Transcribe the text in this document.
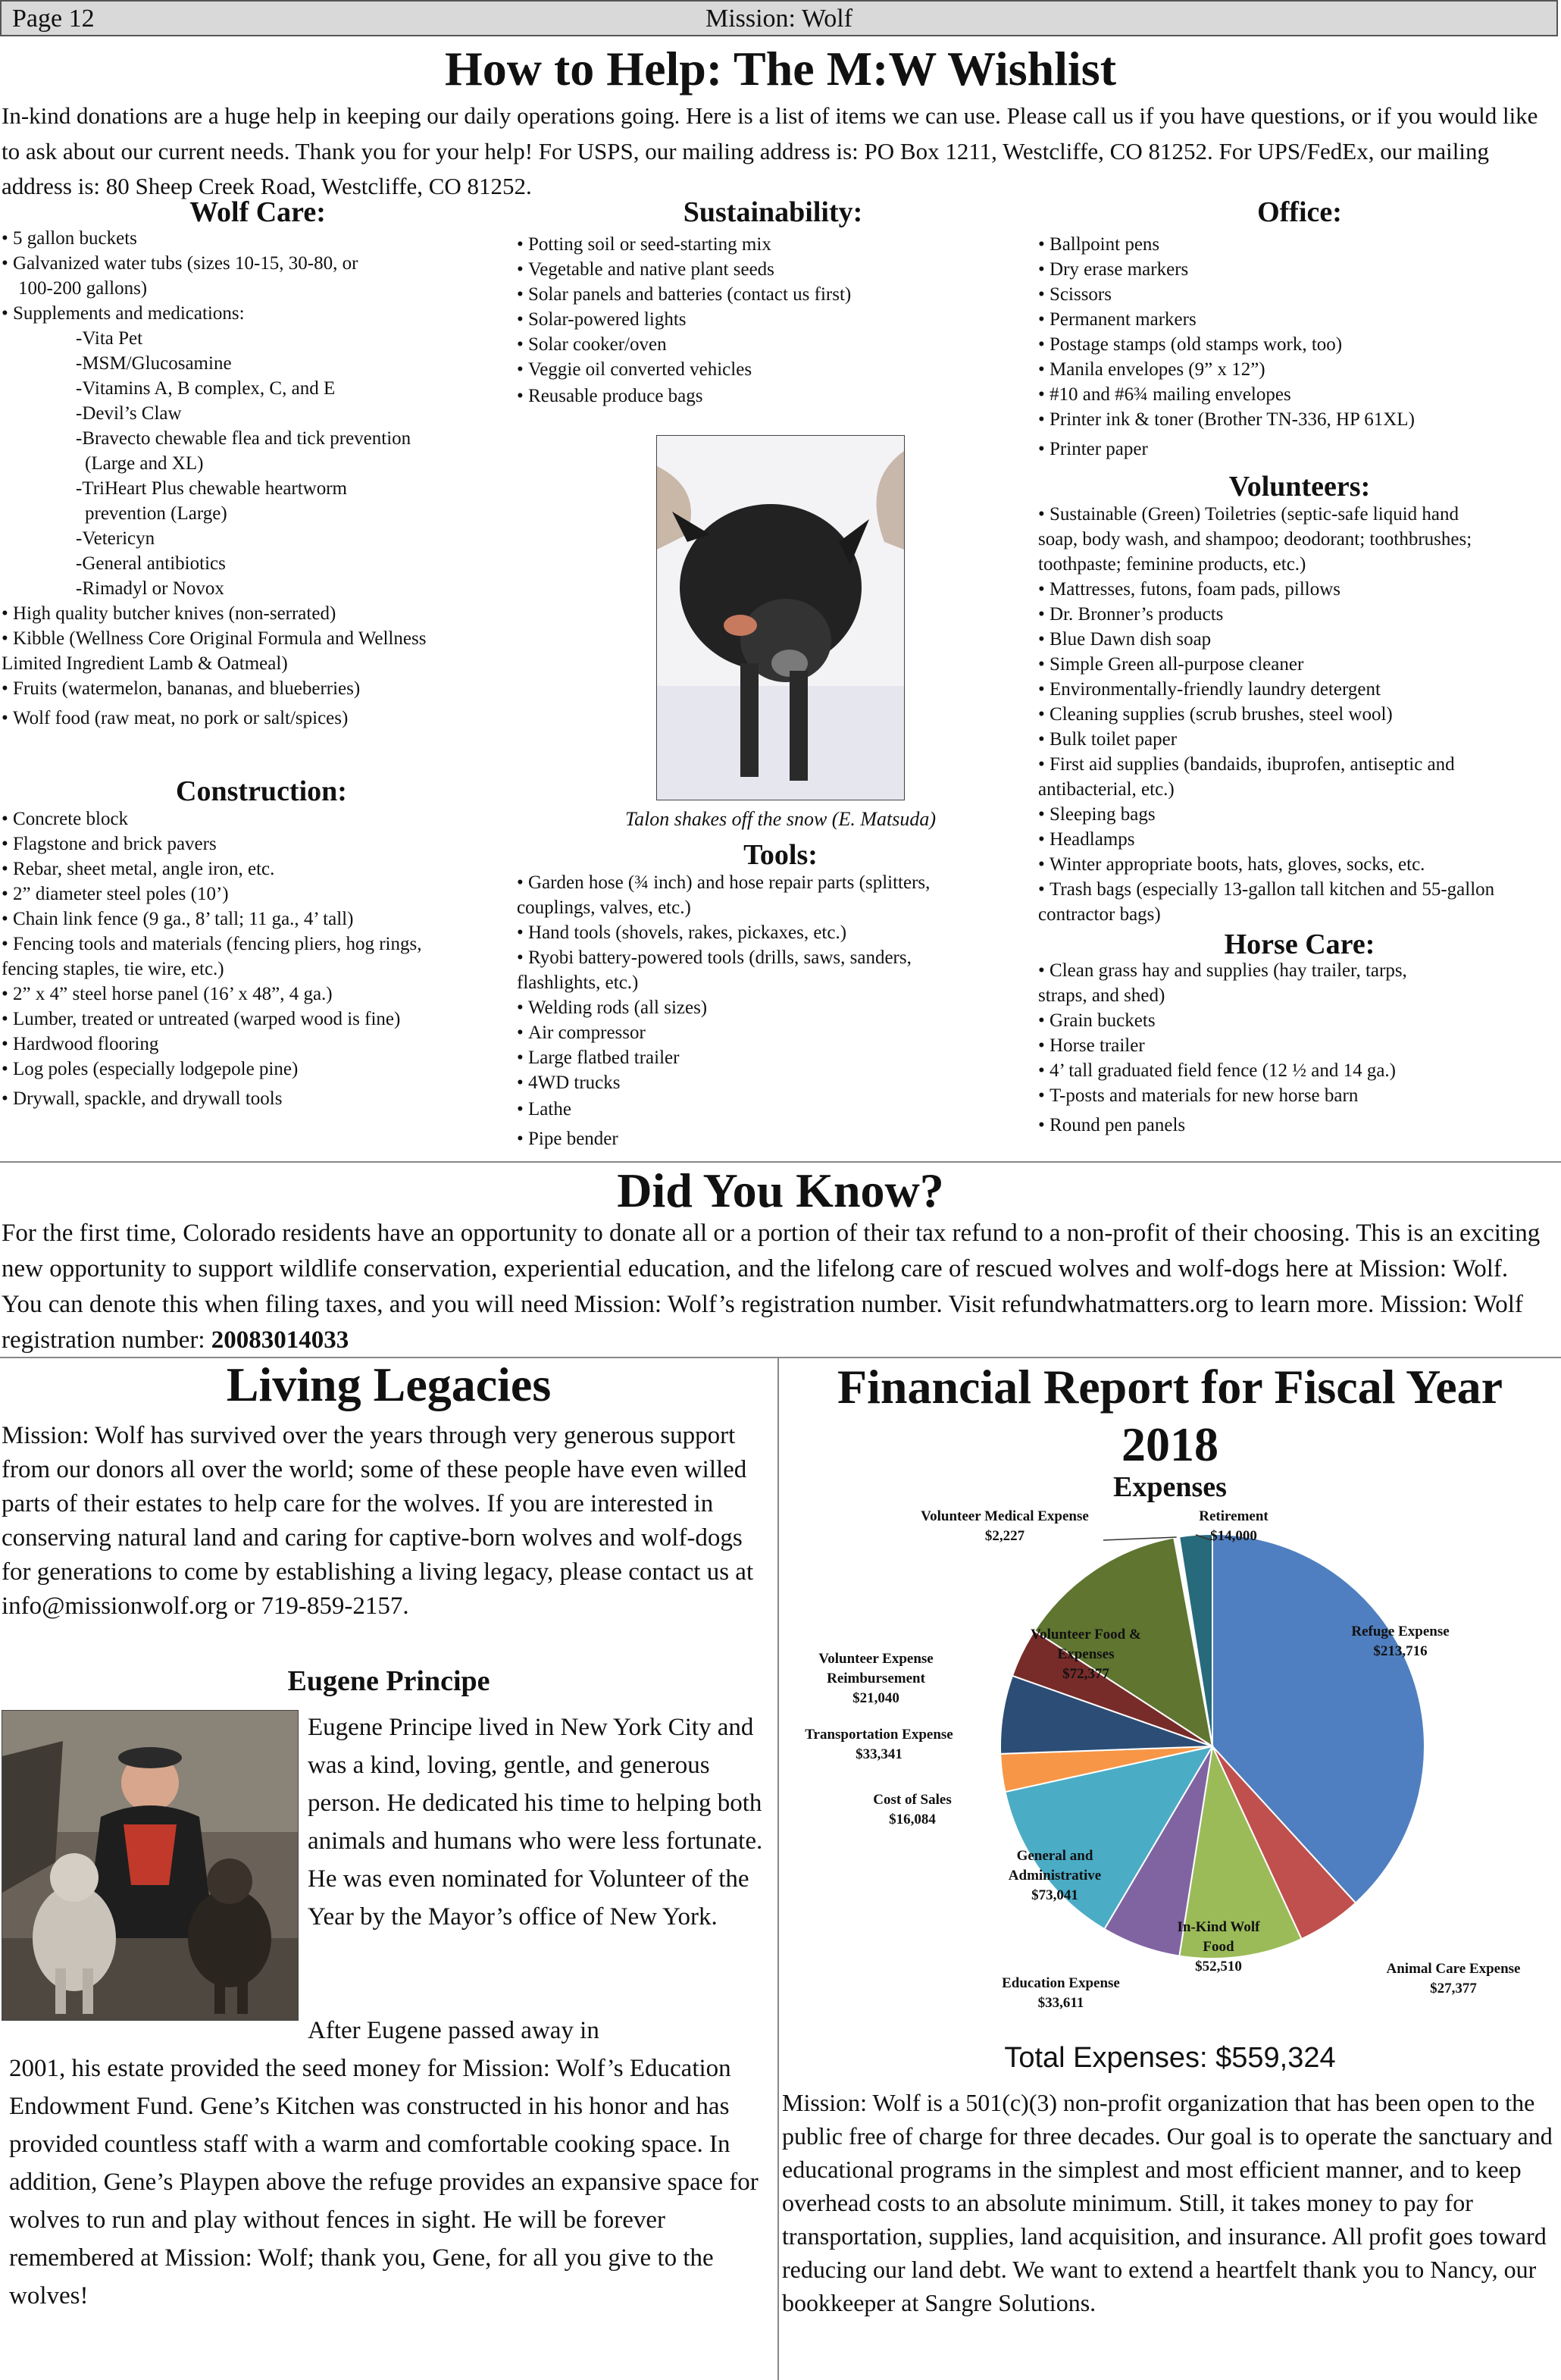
Page 12	Mission: Wolf
How to Help: The M:W Wishlist
In-kind donations are a huge help in keeping our daily operations going. Here is a list of items we can use. Please call us if you have questions, or if you would like to ask about our current needs. Thank you for your help! For USPS, our mailing address is: PO Box 1211, Westcliffe, CO 81252. For UPS/FedEx, our mailing address is: 80 Sheep Creek Road, Westcliffe, CO 81252.
Wolf Care:
• 5 gallon buckets
• Galvanized water tubs (sizes 10-15, 30-80, or
100-200 gallons)
• Supplements and medications:
-Vita Pet
-MSM/Glucosamine
-Vitamins A, B complex, C, and E
-Devil’s Claw
-Bravecto chewable flea and tick prevention
(Large and XL)
-TriHeart Plus chewable heartworm
prevention (Large)
-Vetericyn
-General antibiotics
-Rimadyl or Novox
• High quality butcher knives (non-serrated)
• Kibble (Wellness Core Original Formula and Wellness
Limited Ingredient Lamb & Oatmeal)
• Fruits (watermelon, bananas, and blueberries)
• Wolf food (raw meat, no pork or salt/spices)
Construction:
• Concrete block
• Flagstone and brick pavers
• Rebar, sheet metal, angle iron, etc.
• 2” diameter steel poles (10’)
• Chain link fence (9 ga., 8’ tall; 11 ga., 4’ tall)
• Fencing tools and materials (fencing pliers, hog rings,
fencing staples, tie wire, etc.)
• 2” x 4” steel horse panel (16’ x 48”, 4 ga.)
• Lumber, treated or untreated (warped wood is fine)
• Hardwood flooring
• Log poles (especially lodgepole pine)
• Drywall, spackle, and drywall tools
Sustainability:
• Potting soil or seed-starting mix
• Vegetable and native plant seeds
• Solar panels and batteries (contact us first)
• Solar-powered lights
• Solar cooker/oven
• Veggie oil converted vehicles
• Reusable produce bags
Talon shakes off the snow (E. Matsuda)
Tools:
• Garden hose (¾ inch) and hose repair parts (splitters,
couplings, valves, etc.)
• Hand tools (shovels, rakes, pickaxes, etc.)
• Ryobi battery-powered tools (drills, saws, sanders,
flashlights, etc.)
• Welding rods (all sizes)
• Air compressor
• Large flatbed trailer
• 4WD trucks
• Lathe
• Pipe bender
Office:
• Ballpoint pens
• Dry erase markers
• Scissors
• Permanent markers
• Postage stamps (old stamps work, too)
• Manila envelopes (9” x 12”)
• #10 and #6¾ mailing envelopes
• Printer ink & toner (Brother TN-336, HP 61XL)
• Printer paper
Volunteers:
• Sustainable (Green) Toiletries (septic-safe liquid hand
soap, body wash, and shampoo; deodorant; toothbrushes;
toothpaste; feminine products, etc.)
• Mattresses, futons, foam pads, pillows
• Dr. Bronner’s products
• Blue Dawn dish soap
• Simple Green all-purpose cleaner
• Environmentally-friendly laundry detergent
• Cleaning supplies (scrub brushes, steel wool)
• Bulk toilet paper
• First aid supplies (bandaids, ibuprofen, antiseptic and
antibacterial, etc.)
• Sleeping bags
• Headlamps
• Winter appropriate boots, hats, gloves, socks, etc.
• Trash bags (especially 13-gallon tall kitchen and 55-gallon
contractor bags)
Horse Care:
• Clean grass hay and supplies (hay trailer, tarps,
straps, and shed)
• Grain buckets
• Horse trailer
• 4’ tall graduated field fence (12 ½ and 14 ga.)
• T-posts and materials for new horse barn
• Round pen panels
Did You Know?
For the first time, Colorado residents have an opportunity to donate all or a portion of their tax refund to a non-profit of their choosing. This is an exciting new opportunity to support wildlife conservation, experiential education, and the lifelong care of rescued wolves and wolf-dogs here at Mission: Wolf. You can denote this when filing taxes, and you will need Mission: Wolf’s registration number. Visit refundwhatmatters.org to learn more. Mission: Wolf registration number: 20083014033
Living Legacies
Mission: Wolf has survived over the years through very generous support from our donors all over the world; some of these people have even willed parts of their estates to help care for the wolves. If you are interested in conserving natural land and caring for captive-born wolves and wolf-dogs for generations to come by establishing a living legacy, please contact us at info@missionwolf.org or 719-859-2157.
Eugene Principe
Eugene Principe lived in New York City and was a kind, loving, gentle, and generous person. He dedicated his time to helping both animals and humans who were less fortunate. He was even nominated for Volunteer of the Year by the Mayor’s office of New York.
After Eugene passed away in
2001, his estate provided the seed money for Mission: Wolf’s Education Endowment Fund. Gene’s Kitchen was constructed in his honor and has provided countless staff with a warm and comfortable cooking space. In addition, Gene’s Playpen above the refuge provides an expansive space for wolves to run and play without fences in sight. He will be forever remembered at Mission: Wolf; thank you, Gene, for all you give to the wolves!
Financial Report for Fiscal Year
2018
Expenses
Refuge Expense
$213,716
Animal Care Expense
$27,377
In-Kind Wolf
Food
$52,510
Education Expense
$33,611
General and
Administrative
$73,041
Cost of Sales
$16,084
Transportation Expense
$33,341
Volunteer Expense
Reimbursement
$21,040
Volunteer Food &
Expenses
$72,377
Volunteer Medical Expense
$2,227
Retirement
$14,000
Total Expenses: $559,324
Mission: Wolf is a 501(c)(3) non-profit organization that has been open to the public free of charge for three decades. Our goal is to operate the sanctuary and educational programs in the simplest and most efficient manner, and to keep overhead costs to an absolute minimum. Still, it takes money to pay for transportation, supplies, land acquisition, and insurance. All profit goes toward reducing our land debt. We want to extend a heartfelt thank you to Nancy, our bookkeeper at Sangre Solutions.
